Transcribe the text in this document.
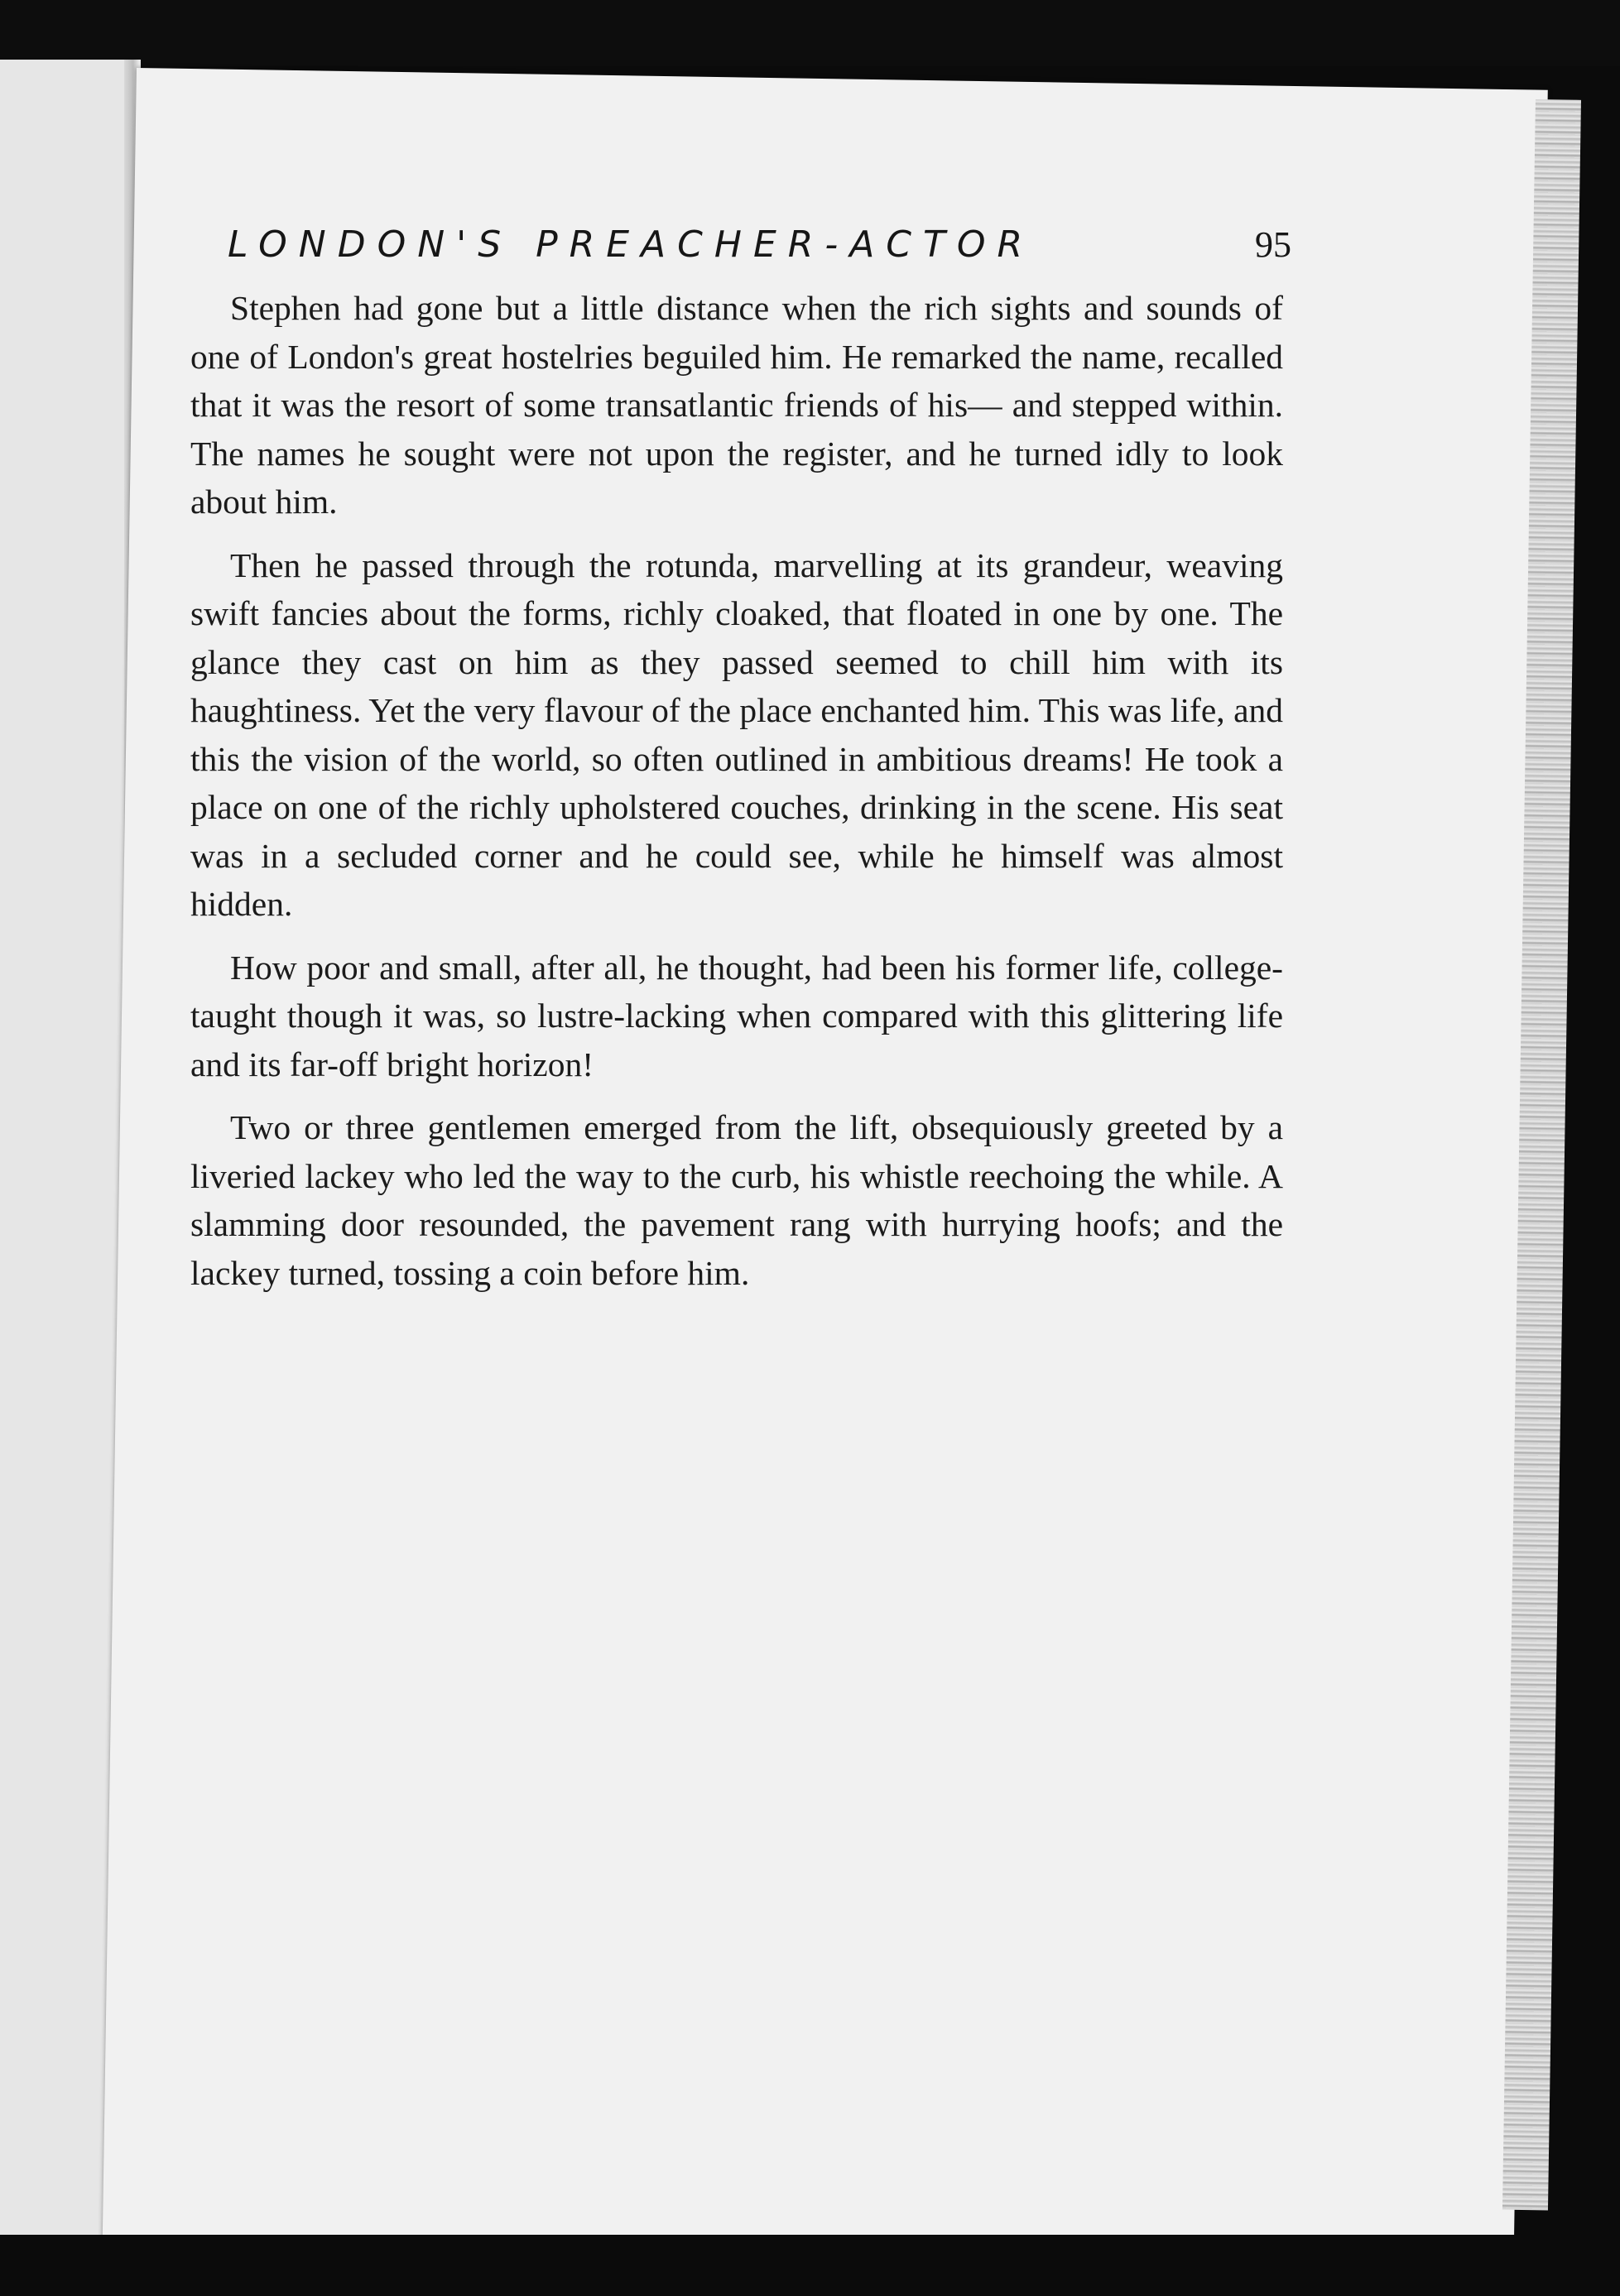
LONDON'S PREACHER-ACTOR	95

Stephen had gone but a little distance when the rich sights and sounds of one of London's great hostelries beguiled him. He remarked the name, recalled that it was the resort of some transatlantic friends of his— and stepped within. The names he sought were not upon the register, and he turned idly to look about him.

Then he passed through the rotunda, marvelling at its grandeur, weaving swift fancies about the forms, richly cloaked, that floated in one by one. The glance they cast on him as they passed seemed to chill him with its haughtiness. Yet the very flavour of the place enchanted him. This was life, and this the vision of the world, so often outlined in ambitious dreams! He took a place on one of the richly upholstered couches, drinking in the scene. His seat was in a secluded corner and he could see, while he himself was almost hidden.

How poor and small, after all, he thought, had been his former life, college-taught though it was, so lustre-lacking when compared with this glittering life and its far-off bright horizon!

Two or three gentlemen emerged from the lift, obsequiously greeted by a liveried lackey who led the way to the curb, his whistle reechoing the while. A slamming door resounded, the pavement rang with hurrying hoofs; and the lackey turned, tossing a coin before him.
